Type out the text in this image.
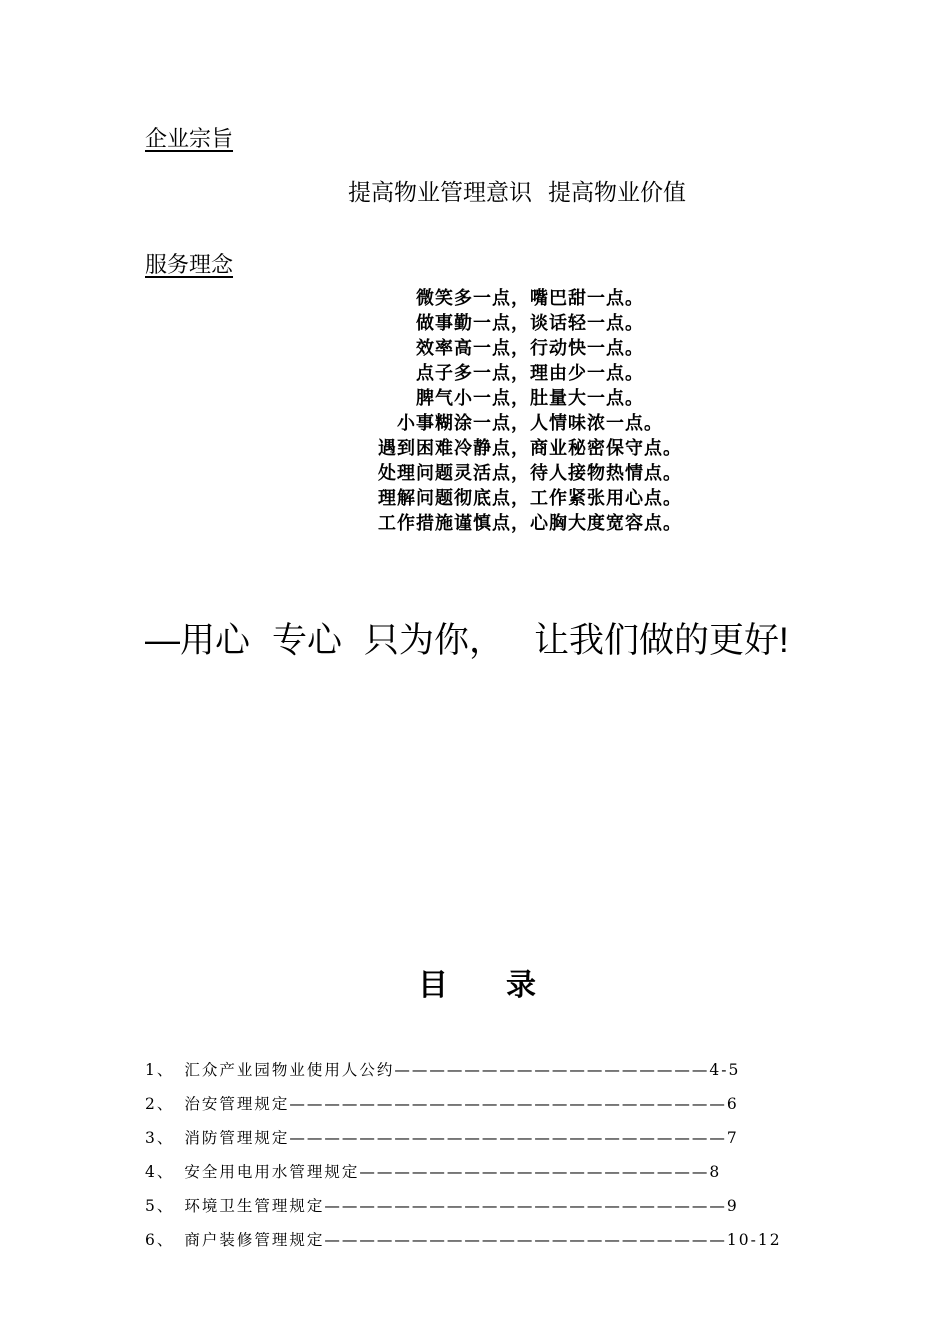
企业宗旨
提高物业管理意识 提高物业价值
服务理念
微笑多一点，嘴巴甜一点。
做事勤一点，谈话轻一点。
效率高一点，行动快一点。
点子多一点，理由少一点。
脾气小一点，肚量大一点。
小事糊涂一点，人情味浓一点。
遇到困难冷静点，商业秘密保守点。
处理问题灵活点，待人接物热情点。
理解问题彻底点，工作紧张用心点。
工作措施谨慎点，心胸大度宽容点。
—用心 专心 只为你， 让我们做的更好!
目录
1、 汇众产业园物业使用人公约——————————————————4-5
2、 治安管理规定—————————————————————————6
3、 消防管理规定—————————————————————————7
4、 安全用电用水管理规定————————————————————8
5、 环境卫生管理规定———————————————————————9
6、 商户装修管理规定———————————————————————10-12
